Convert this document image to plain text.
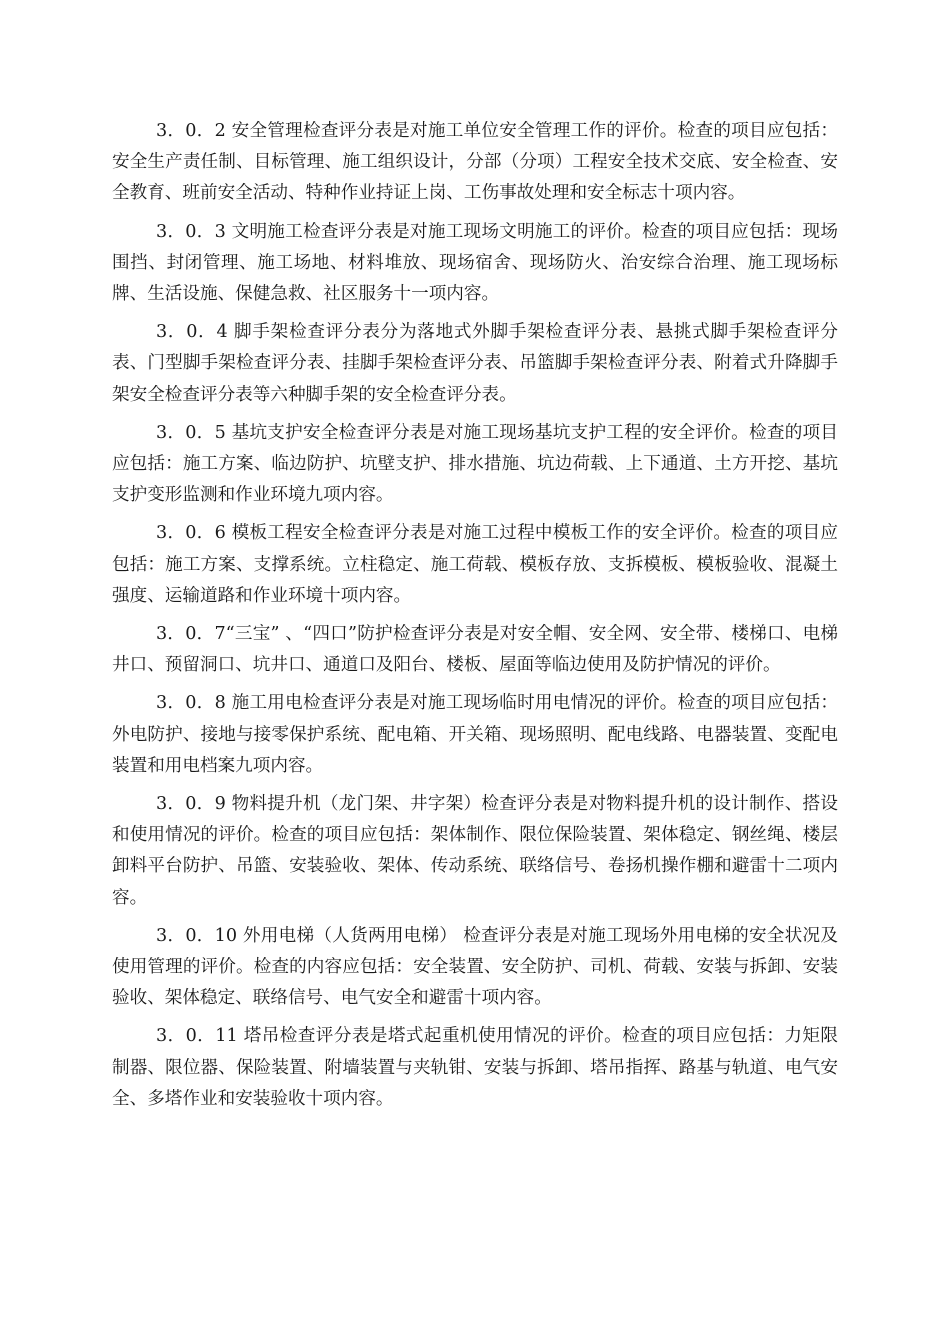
3．0．2 安全管理检查评分表是对施工单位安全管理工作的评价。检查的项目应包括：安全生产责任制、目标管理、施工组织设计，分部（分项）工程安全技术交底、安全检查、安全教育、班前安全活动、特种作业持证上岗、工伤事故处理和安全标志十项内容。

3．0．3 文明施工检查评分表是对施工现场文明施工的评价。检查的项目应包括：现场围挡、封闭管理、施工场地、材料堆放、现场宿舍、现场防火、治安综合治理、施工现场标牌、生活设施、保健急救、社区服务十一项内容。

3．0．4 脚手架检查评分表分为落地式外脚手架检查评分表、悬挑式脚手架检查评分表、门型脚手架检查评分表、挂脚手架检查评分表、吊篮脚手架检查评分表、附着式升降脚手架安全检查评分表等六种脚手架的安全检查评分表。

3．0．5 基坑支护安全检查评分表是对施工现场基坑支护工程的安全评价。检查的项目应包括：施工方案、临边防护、坑壁支护、排水措施、坑边荷载、上下通道、土方开挖、基坑支护变形监测和作业环境九项内容。

3．0．6 模板工程安全检查评分表是对施工过程中模板工作的安全评价。检查的项目应包括：施工方案、支撑系统。立柱稳定、施工荷载、模板存放、支拆模板、模板验收、混凝土强度、运输道路和作业环境十项内容。

3．0．7“三宝” 、“四口”防护检查评分表是对安全帽、安全网、安全带、楼梯口、电梯井口、预留洞口、坑井口、通道口及阳台、楼板、屋面等临边使用及防护情况的评价。

3．0．8 施工用电检查评分表是对施工现场临时用电情况的评价。检查的项目应包括：外电防护、接地与接零保护系统、配电箱、开关箱、现场照明、配电线路、电器装置、变配电装置和用电档案九项内容。

3．0．9 物料提升机（龙门架、井字架）检查评分表是对物料提升机的设计制作、搭设和使用情况的评价。检查的项目应包括：架体制作、限位保险装置、架体稳定、钢丝绳、楼层卸料平台防护、吊篮、安装验收、架体、传动系统、联络信号、卷扬机操作棚和避雷十二项内容。

3．0．10 外用电梯（人货两用电梯） 检查评分表是对施工现场外用电梯的安全状况及使用管理的评价。检查的内容应包括：安全装置、安全防护、司机、荷载、安装与拆卸、安装验收、架体稳定、联络信号、电气安全和避雷十项内容。

3．0．11 塔吊检查评分表是塔式起重机使用情况的评价。检查的项目应包括：力矩限制器、限位器、保险装置、附墙装置与夹轨钳、安装与拆卸、塔吊指挥、路基与轨道、电气安全、多塔作业和安装验收十项内容。
